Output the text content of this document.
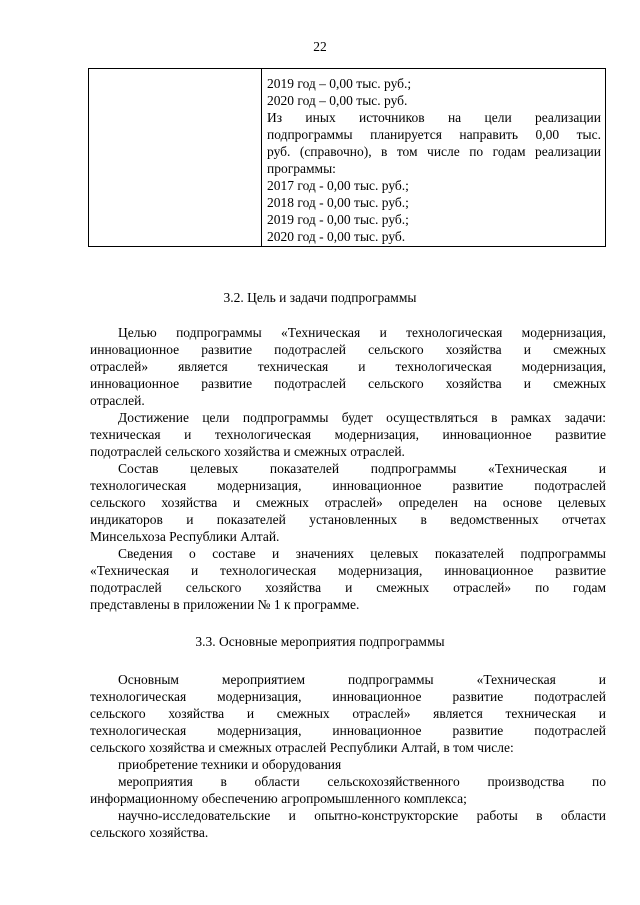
22
2019 год – 0,00 тыс. руб.;
2020 год – 0,00 тыс. руб.
Из иных источников на цели реализации
подпрограммы планируется направить 0,00 тыс.
руб. (справочно), в том числе по годам реализации
программы:
2017 год - 0,00 тыс. руб.;
2018 год - 0,00 тыс. руб.;
2019 год - 0,00 тыс. руб.;
2020 год - 0,00 тыс. руб.
3.2. Цель и задачи подпрограммы
Целью подпрограммы «Техническая и технологическая модернизация,
инновационное развитие подотраслей сельского хозяйства и смежных
отраслей» является техническая и технологическая модернизация,
инновационное развитие подотраслей сельского хозяйства и смежных
отраслей.
Достижение цели подпрограммы будет осуществляться в рамках задачи:
техническая и технологическая модернизация, инновационное развитие
подотраслей сельского хозяйства и смежных отраслей.
Состав целевых показателей подпрограммы «Техническая и
технологическая модернизация, инновационное развитие подотраслей
сельского хозяйства и смежных отраслей» определен на основе целевых
индикаторов и показателей установленных в ведомственных отчетах
Минсельхоза Республики Алтай.
Сведения о составе и значениях целевых показателей подпрограммы
«Техническая и технологическая модернизация, инновационное развитие
подотраслей сельского хозяйства и смежных отраслей» по годам
представлены в приложении № 1 к программе.
3.3. Основные мероприятия подпрограммы
Основным мероприятием подпрограммы «Техническая и
технологическая модернизация, инновационное развитие подотраслей
сельского хозяйства и смежных отраслей» является техническая и
технологическая модернизация, инновационное развитие подотраслей
сельского хозяйства и смежных отраслей Республики Алтай, в том числе:
приобретение техники и оборудования
мероприятия в области сельскохозяйственного производства по
информационному обеспечению агропромышленного комплекса;
научно-исследовательские и опытно-конструкторские работы в области
сельского хозяйства.
